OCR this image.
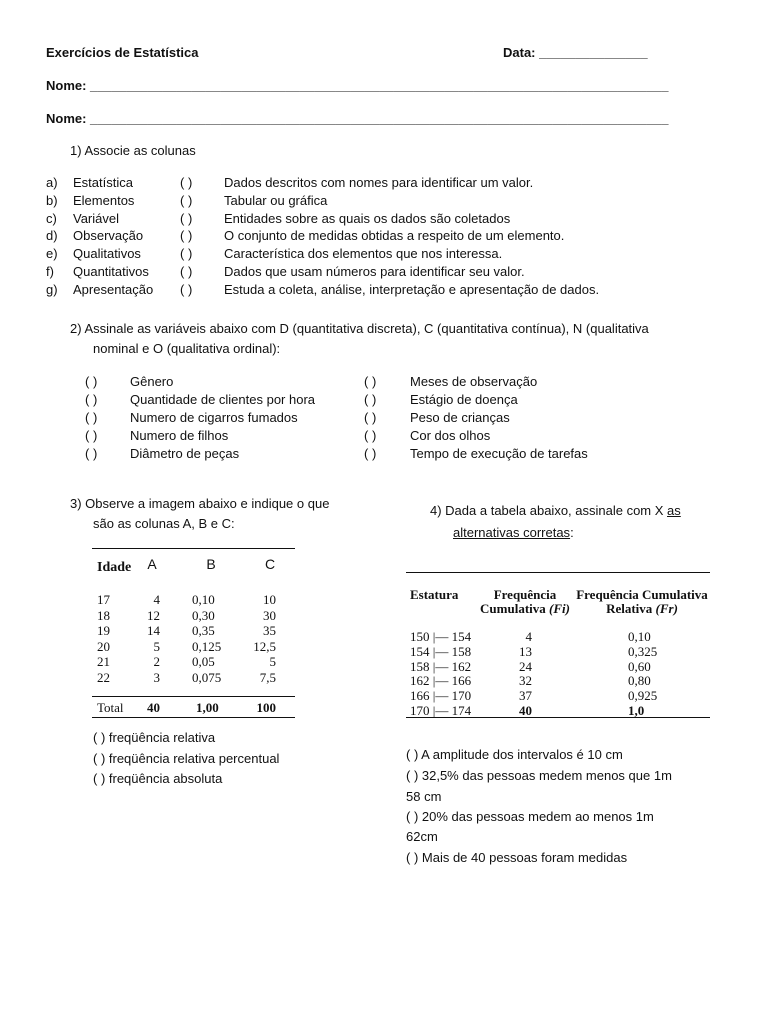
Exercícios de Estatística	Data: _______________
Nome: ________________________________________________________________________________
Nome: ________________________________________________________________________________
1) Associe as colunas
a) Estatística	( ) Dados descritos com nomes para identificar um valor.
b) Elementos	( ) Tabular ou gráfica
c) Variável	( ) Entidades sobre as quais os dados são coletados
d) Observação	( ) O conjunto de medidas obtidas a respeito de um elemento.
e) Qualitativos	( ) Característica dos elementos que nos interessa.
f) Quantitativos ( ) Dados que usam números para identificar seu valor.
g) Apresentação ( ) Estuda a coleta, análise, interpretação e apresentação de dados.
2) Assinale as variáveis abaixo com D (quantitativa discreta), C (quantitativa contínua), N (qualitativa
nominal e O (qualitativa ordinal):
( )	Gênero
( )	Quantidade de clientes por hora
( )	Numero de cigarros fumados
( )	Numero de filhos
( )	Diâmetro de peças
( )	Meses de observação
( )	Estágio de doença
( )	Peso de crianças
( )	Cor dos olhos
( )	Tempo de execução de tarefas
3) Observe a imagem abaixo e indique o que
são as colunas A, B e C:
Idade	A	B	C
17	4 0,10	10
18	12 0,30	30
19	14 0,35	35
20	5 0,125	12,5
21	2 0,05	5
22	3 0,075	7,5
Total	40	1,00	100
( ) freqüência relativa
( ) freqüência relativa percentual
( ) freqüência absoluta
4) Dada a tabela abaixo, assinale com X as
alternativas corretas:
Estatura	Frequência
Cumulativa (Fi)
Frequência Cumulativa
Relativa (Fr)
150 |— 154	4	0,10
154 |— 158	13	0,325
158 |— 162	24	0,60
162 |— 166	32	0,80
166 |— 170	37	0,925
170 |— 174	40	1,0
( ) A amplitude dos intervalos é 10 cm
( ) 32,5% das pessoas medem menos que 1m
58 cm
( ) 20% das pessoas medem ao menos 1m
62cm
( ) Mais de 40 pessoas foram medidas
